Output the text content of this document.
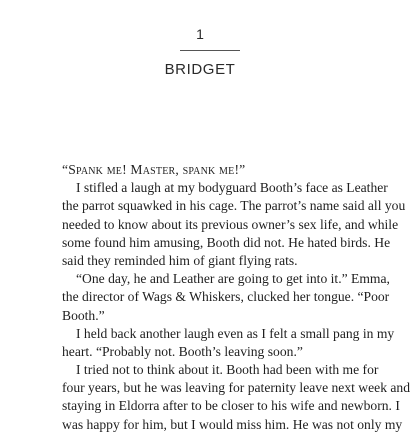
1
BRIDGET
“Spank me! Master, spank me!”
I stifled a laugh at my bodyguard Booth’s face as Leather
the parrot squawked in his cage. The parrot’s name said all you
needed to know about its previous owner’s sex life, and while
some found him amusing, Booth did not. He hated birds. He
said they reminded him of giant flying rats.
“One day, he and Leather are going to get into it.” Emma,
the director of Wags & Whiskers, clucked her tongue. “Poor
Booth.”
I held back another laugh even as I felt a small pang in my
heart. “Probably not. Booth’s leaving soon.”
I tried not to think about it. Booth had been with me for
four years, but he was leaving for paternity leave next week and
staying in Eldorra after to be closer to his wife and newborn. I
was happy for him, but I would miss him. He was not only my
